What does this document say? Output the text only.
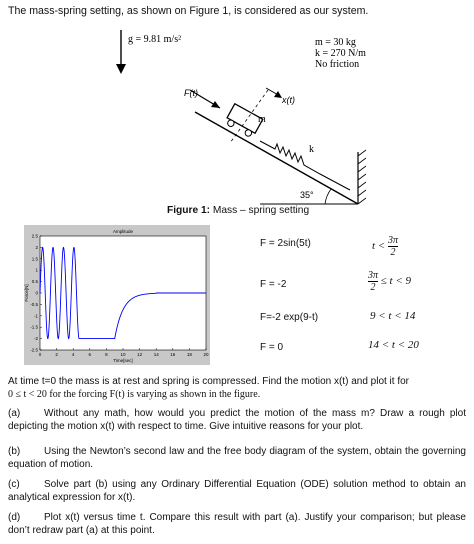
The mass-spring setting, as shown on Figure 1, is considered as our system.
g = 9.81 m/s²	m = 30 kg
k = 270 N/m
No friction
35°
m
k
F(t)
x(t)
Figure 1: Mass – spring setting
Amplitude
0	2	4	6	8	10	12	14	16	18	20
2.5
2
1.5
1
0.5
0
-0.5
-1
-1.5
-2
-2.5
Time[sec]
Force[N]
F = 2sin(5t)	$t < \frac{3\pi}{2}$
F = -2	$\frac{3\pi}{2} \le t < 9$
F=-2 exp(9-t)	9 < t < 14
F = 0	14 < t < 20
At time t=0 the mass is at rest and spring is compressed. Find the motion x(t) and plot it for
0 ≤ t < 20 for the forcing F(t) is varying as shown in the figure.
(a) Without any math, how would you predict the motion of the mass m? Draw a rough plot depicting the motion x(t) with respect to time. Give intuitive reasons for your plot.
(b) Using the Newton’s second law and the free body diagram of the system, obtain the governing equation of motion.
(c) Solve part (b) using any Ordinary Differential Equation (ODE) solution method to obtain an analytical expression for x(t).
(d) Plot x(t) versus time t. Compare this result with part (a). Justify your comparison; but please don’t redraw part (a) at this point.
